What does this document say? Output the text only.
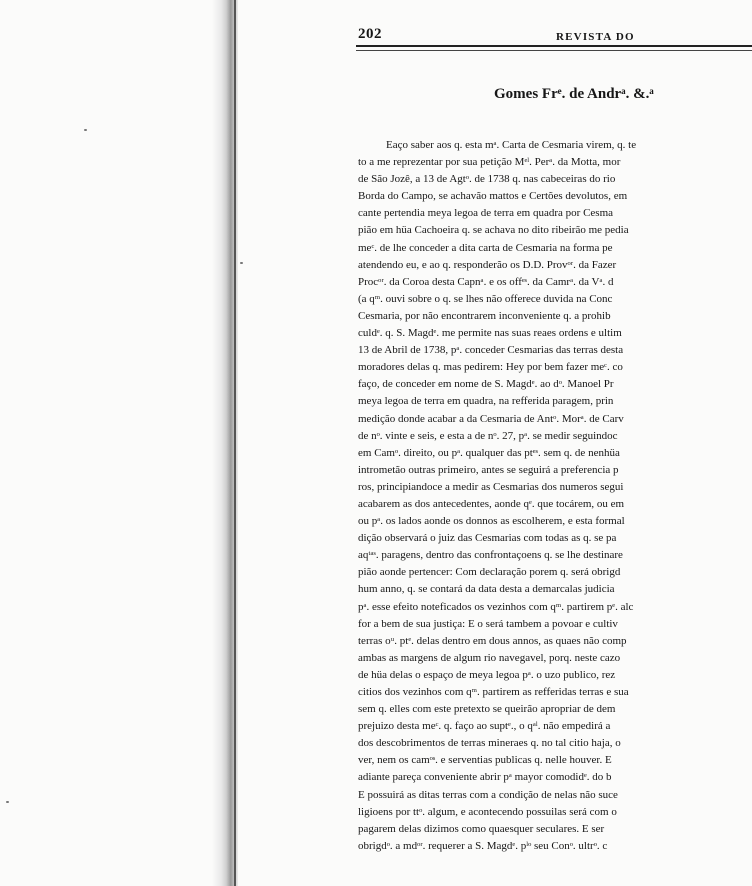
202	REVISTA DO
Gomes Frᵉ. de Andrᵃ. &.ᵃ
Eaço saber aos q. esta mᵃ. Carta de Cesmaria virem, q. te
to a me reprezentar por sua petição Mᵉˡ. Perᵃ. da Motta, mor
de São Jozê, a 13 de Agtᵒ. de 1738 q. nas cabeceiras do rio
Borda do Campo, se achavão mattos e Certões devolutos, em
cante pertendia meya legoa de terra em quadra por Cesma
pião em hüa Cachoeira q. se achava no dito ribeirão me pedia
meᶜ. de lhe conceder a dita carta de Cesmaria na forma pe
atendendo eu, e ao q. responderão os D.D. Provᵒʳ. da Fazer
Procᵒʳ. da Coroa desta Capnᵃ. e os offᵉˢ. da Camrᵃ. da Vᵃ. d
(a qᵐ. ouvi sobre o q. se lhes não offerece duvida na Conc
Cesmaria, por não encontrarem inconveniente q. a prohib
culdᵉ. q. S. Magdᵉ. me permite nas suas reaes ordens e ultim
13 de Abril de 1738, pᵃ. conceder Cesmarias das terras desta
moradores delas q. mas pedirem: Hey por bem fazer meᶜ. co
faço, de conceder em nome de S. Magdᵉ. ao dᵒ. Manoel Pr
meya legoa de terra em quadra, na refferida paragem, prin
medição donde acabar a da Cesmaria de Antᵒ. Morᵃ. de Carv
de nᵒ. vinte e seis, e esta a de nᵒ. 27, pᵃ. se medir seguindoc
em Camᵒ. direito, ou pᵃ. qualquer das ptᵉˢ. sem q. de nenhüa
intrometão outras primeiro, antes se seguirá a preferencia p
ros, principiandoce a medir as Cesmarias dos numeros segui
acabarem as dos antecedentes, aonde qᵉ. que tocárem, ou em
ou pᵃ. os lados aonde os donnos as escolherem, e esta formal
dição observará o juiz das Cesmarias com todas as q. se pa
aqᵗᵃˢ. paragens, dentro das confrontaçoens q. se lhe destinare
pião aonde pertencer: Com declaração porem q. será obrigd
hum anno, q. se contará da data desta a demarcalas judicia
pᵃ. esse efeito noteficados os vezinhos com qᵐ. partirem pᵉ. alc
for a bem de sua justiça: E o será tambem a povoar e cultiv
terras oᵘ. ptᵉ. delas dentro em dous annos, as quaes não comp
ambas as margens de algum rio navegavel, porq. neste cazo
de hüa delas o espaço de meya legoa pᵃ. o uzo publico, rez
citios dos vezinhos com qᵐ. partirem as refferidas terras e sua
sem q. elles com este pretexto se queirão apropriar de dem
prejuizo desta meᶜ. q. faço ao suptᵉ., o qᵃˡ. não empedirá a
dos descobrimentos de terras mineraes q. no tal citio haja, o
ver, nem os camᵒˢ. e serventias publicas q. nelle houver. E
adiante pareça conveniente abrir pᵃ mayor comodidᵉ. do b
E possuirá as ditas terras com a condição de nelas não suce
ligioens por ttᵒ. algum, e acontecendo possuilas será com o
pagarem delas dizimos como quaesquer seculares. E ser
obrigdᵒ. a mdᵒʳ. requerer a S. Magdᵉ. pˡᵒ seu Conᵒ. ultrᵒ. c
